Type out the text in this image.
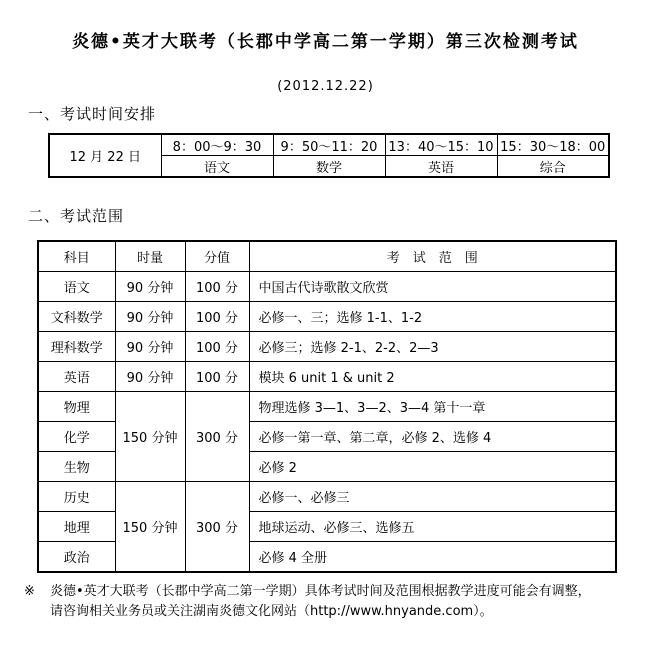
炎德•英才大联考（长郡中学高二第一学期）第三次检测考试
(2012.12.22)
一、考试时间安排
12 月 22 日	8：00～9：30	9：50～11：20	13：40～15：10	15：30～18：00
	语文	数学	英语	综合
二、考试范围
科目	时量	分值	考　试　范　围
语文	90 分钟	100 分	中国古代诗歌散文欣赏
文科数学	90 分钟	100 分	必修一、三；选修 1-1、1-2
理科数学	90 分钟	100 分	必修三；选修 2-1、2-2、2—3
英语	90 分钟	100 分	模块 6 unit 1 & unit 2
物理	150 分钟	300 分	物理选修 3—1、3—2、3—4 第十一章
化学			必修一第一章、第二章，必修 2、选修 4
生物			必修 2
历史	150 分钟	300 分	必修一、必修三
地理			地球运动、必修三、选修五
政治			必修 4 全册
※	炎德•英才大联考（长郡中学高二第一学期）具体考试时间及范围根据教学进度可能会有调整，
请咨询相关业务员或关注湖南炎德文化网站（http://www.hnyande.com）。
